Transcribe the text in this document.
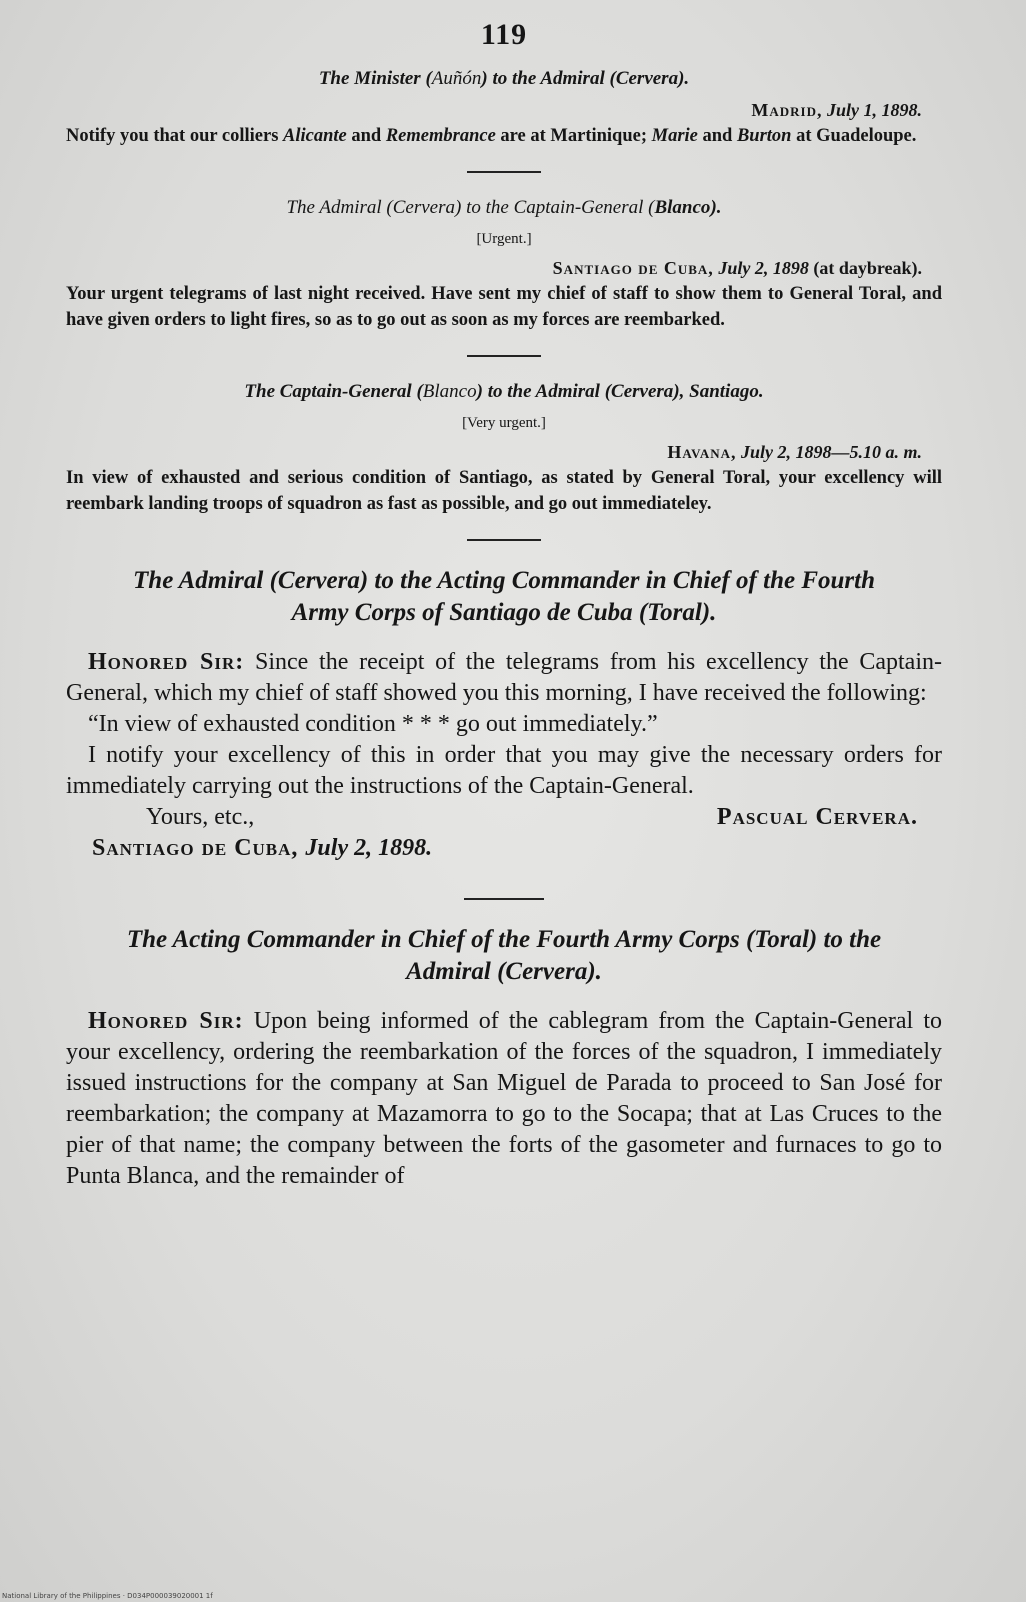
119
The Minister (Auñón) to the Admiral (Cervera).
Madrid, July 1, 1898.
Notify you that our colliers Alicante and Remembrance are at Martinique; Marie and Burton at Guadeloupe.
The Admiral (Cervera) to the Captain-General (Blanco).
[Urgent.]
Santiago de Cuba, July 2, 1898 (at daybreak).
Your urgent telegrams of last night received. Have sent my chief of staff to show them to General Toral, and have given orders to light fires, so as to go out as soon as my forces are reembarked.
The Captain-General (Blanco) to the Admiral (Cervera), Santiago.
[Very urgent.]
Havana, July 2, 1898—5.10 a. m.
In view of exhausted and serious condition of Santiago, as stated by General Toral, your excellency will reembark landing troops of squadron as fast as possible, and go out immediateley.
The Admiral (Cervera) to the Acting Commander in Chief of the Fourth
Army Corps of Santiago de Cuba (Toral).

Honored Sir: Since the receipt of the telegrams from his excellency the Captain-General, which my chief of staff showed you this morning, I have received the following:

“In view of exhausted condition * * * go out immediately.”

I notify your excellency of this in order that you may give the necessary orders for immediately carrying out the instructions of the Captain-General.

Yours, etc.,	Pascual Cervera.
Santiago de Cuba, July 2, 1898.
The Acting Commander in Chief of the Fourth Army Corps (Toral) to the
Admiral (Cervera).

Honored Sir: Upon being informed of the cablegram from the Captain-General to your excellency, ordering the reembarkation of the forces of the squadron, I immediately issued instructions for the company at San Miguel de Parada to proceed to San José for reembarkation; the company at Mazamorra to go to the Socapa; that at Las Cruces to the pier of that name; the company between the forts of the gasometer and furnaces to go to Punta Blanca, and the remainder of

National Library of the Philippines · D034P000039020001 1f
